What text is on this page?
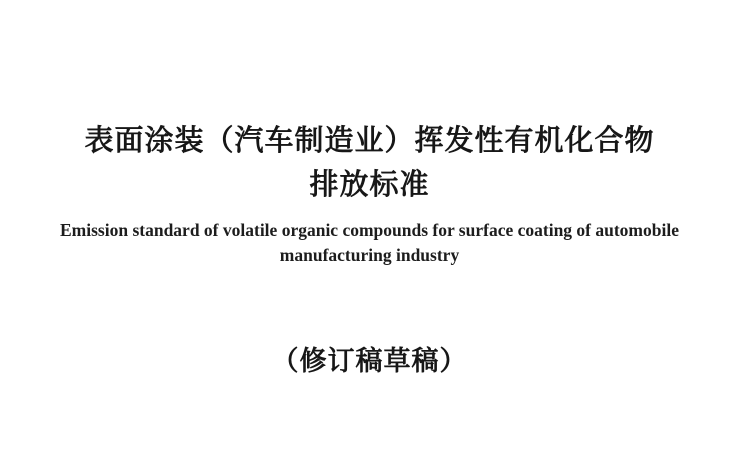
表面涂装（汽车制造业）挥发性有机化合物
排放标准
Emission standard of volatile organic compounds for surface coating of automobile
manufacturing industry
（修订稿草稿）
